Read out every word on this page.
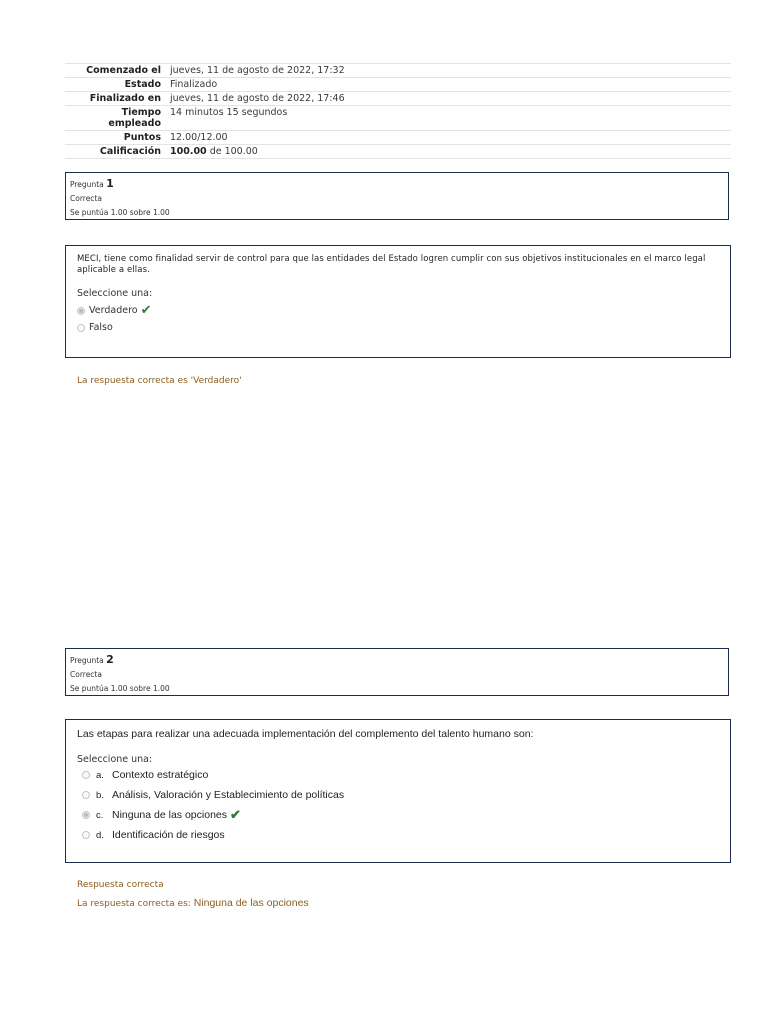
Comenzado el	jueves, 11 de agosto de 2022, 17:32
Estado	Finalizado
Finalizado en	jueves, 11 de agosto de 2022, 17:46
Tiempo empleado	14 minutos 15 segundos
Puntos	12.00/12.00
Calificación	100.00 de 100.00
Pregunta 1
Correcta
Se puntúa 1.00 sobre 1.00
MECI, tiene como finalidad servir de control para que las entidades del Estado logren cumplir con sus objetivos institucionales en el marco legal aplicable a ellas.
Seleccione una:
Verdadero ✔
Falso
La respuesta correcta es 'Verdadero'
Pregunta 2
Correcta
Se puntúa 1.00 sobre 1.00
Las etapas para realizar una adecuada implementación del complemento del talento humano son:
Seleccione una:
a. Contexto estratégico
b. Análisis, Valoración y Establecimiento de políticas
c. Ninguna de las opciones ✔
d. Identificación de riesgos
Respuesta correcta
La respuesta correcta es: Ninguna de las opciones
